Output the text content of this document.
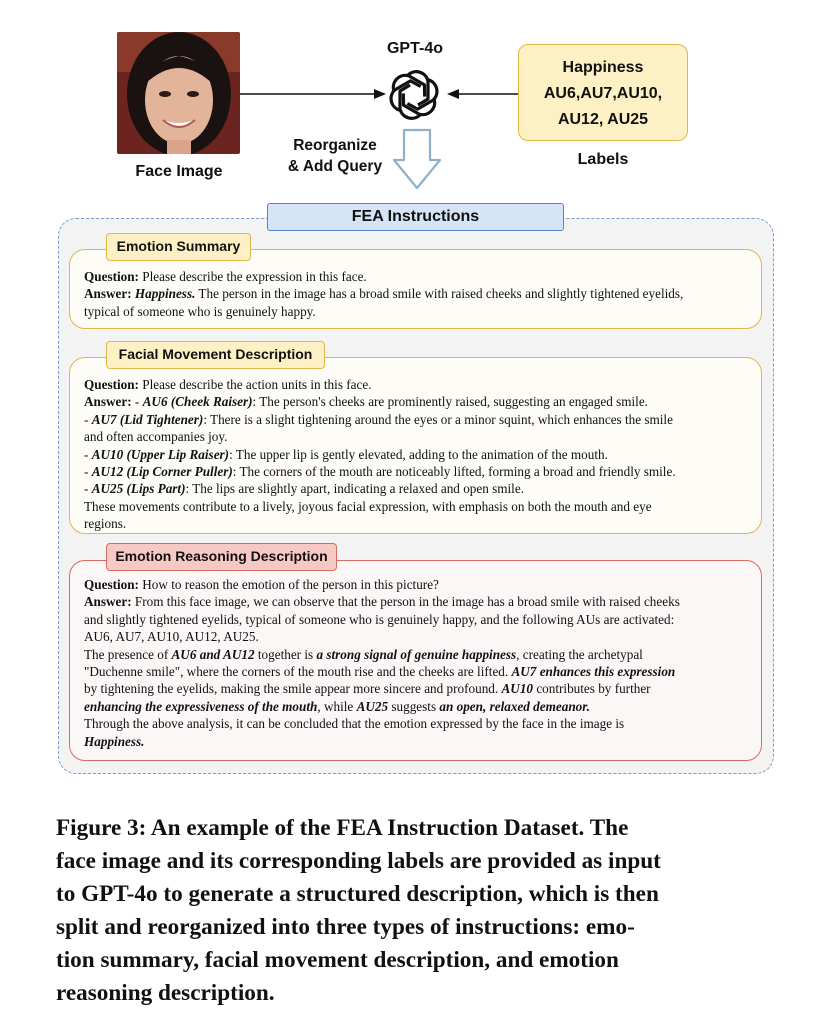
Face Image
GPT-4o
Happiness
AU6,AU7,AU10,
AU12, AU25
Labels
Reorganize
& Add Query
FEA Instructions

Question: Please describe the expression in this face.

Answer: Happiness. The person in the image has a broad smile with raised cheeks and slightly tightened eyelids,

typical of someone who is genuinely happy.

Emotion Summary

Question: Please describe the action units in this face.

Answer: - AU6 (Cheek Raiser): The person's cheeks are prominently raised, suggesting an engaged smile.

- AU7 (Lid Tightener): There is a slight tightening around the eyes or a minor squint, which enhances the smile

and often accompanies joy.

- AU10 (Upper Lip Raiser): The upper lip is gently elevated, adding to the animation of the mouth.

- AU12 (Lip Corner Puller): The corners of the mouth are noticeably lifted, forming a broad and friendly smile.

- AU25 (Lips Part): The lips are slightly apart, indicating a relaxed and open smile.

These movements contribute to a lively, joyous facial expression, with emphasis on both the mouth and eye

regions.

Facial Movement Description

Question: How to reason the emotion of the person in this picture?

Answer: From this face image, we can observe that the person in the image has a broad smile with raised cheeks

and slightly tightened eyelids, typical of someone who is genuinely happy, and the following AUs are activated:

AU6, AU7, AU10, AU12, AU25.

The presence of AU6 and AU12 together is a strong signal of genuine happiness, creating the archetypal

"Duchenne smile", where the corners of the mouth rise and the cheeks are lifted. AU7 enhances this expression

by tightening the eyelids, making the smile appear more sincere and profound. AU10 contributes by further

enhancing the expressiveness of the mouth, while AU25 suggests an open, relaxed demeanor.

Through the above analysis, it can be concluded that the emotion expressed by the face in the image is

Happiness.

Emotion Reasoning Description
Figure 3: An example of the FEA Instruction Dataset. The
face image and its corresponding labels are provided as input
to GPT-4o to generate a structured description, which is then
split and reorganized into three types of instructions: emo-
tion summary, facial movement description, and emotion
reasoning description.
